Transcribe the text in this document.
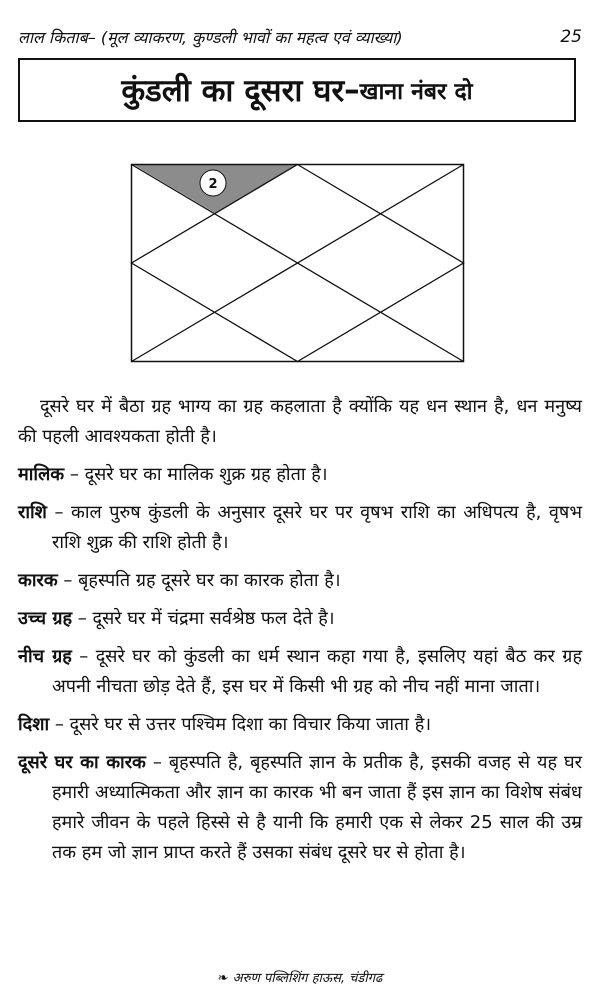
लाल किताब– (मूल व्याकरण, कुण्डली भावों का महत्व एवं व्याख्या)	25
कुंडली का दूसरा घर – खाना नंबर दो
2

दूसरे घर में बैठा ग्रह भाग्य का ग्रह कहलाता है क्योंकि यह धन स्थान है, धन मनुष्य की पहली आवश्यकता होती है।

मालिक – दूसरे घर का मालिक शुक्र ग्रह होता है।

राशि – काल पुरुष कुंडली के अनुसार दूसरे घर पर वृषभ राशि का अधिपत्य है, वृषभ राशि शुक्र की राशि होती है।

कारक – बृहस्पति ग्रह दूसरे घर का कारक होता है।

उच्च ग्रह – दूसरे घर में चंद्रमा सर्वश्रेष्ठ फल देते है।

नीच ग्रह – दूसरे घर को कुंडली का धर्म स्थान कहा गया है, इसलिए यहां बैठ कर ग्रह अपनी नीचता छोड़ देते हैं, इस घर में किसी भी ग्रह को नीच नहीं माना जाता।

दिशा – दूसरे घर से उत्तर पश्चिम दिशा का विचार किया जाता है।

दूसरे घर का कारक – बृहस्पति है, बृहस्पति ज्ञान के प्रतीक है, इसकी वजह से यह घर हमारी अध्यात्मिकता और ज्ञान का कारक भी बन जाता हैं इस ज्ञान का विशेष संबंध हमारे जीवन के पहले हिस्से से है यानी कि हमारी एक से लेकर 25 साल की उम्र तक हम जो ज्ञान प्राप्त करते हैं उसका संबंध दूसरे घर से होता है।

❧ अरुण पब्लिशिंग हाऊस, चंडीगढ
